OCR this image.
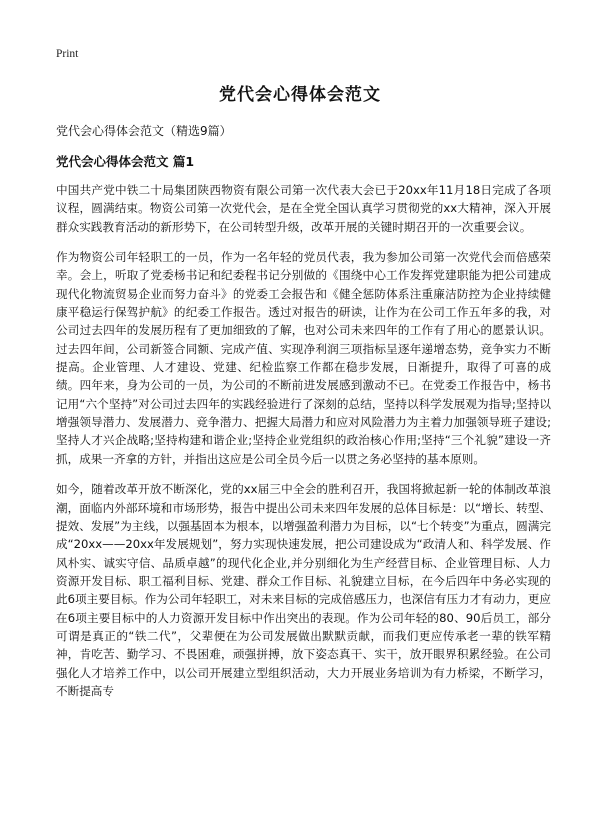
Print
党代会心得体会范文

党代会心得体会范文（精选9篇）

党代会心得体会范文 篇1

中国共产党中铁二十局集团陕西物资有限公司第一次代表大会已于20xx年11月18日完成了各项议程，圆满结束。物资公司第一次党代会，是在全党全国认真学习贯彻党的xx大精神，深入开展群众实践教育活动的新形势下，在公司转型升级，改革开展的关键时期召开的一次重要会议。

作为物资公司年轻职工的一员，作为一名年轻的党员代表，我为参加公司第一次党代会而倍感荣幸。会上，听取了党委杨书记和纪委程书记分别做的《围绕中心工作发挥党建职能为把公司建成现代化物流贸易企业而努力奋斗》的党委工会报告和《健全惩防体系注重廉洁防控为企业持续健康平稳运行保驾护航》的纪委工作报告。透过对报告的研读，让作为在公司工作五年多的我，对公司过去四年的发展历程有了更加细致的了解，也对公司未来四年的工作有了用心的愿景认识。过去四年间，公司新签合同额、完成产值、实现净利润三项指标呈逐年递增态势，竞争实力不断提高。企业管理、人才建设、党建、纪检监察工作都在稳步发展，日渐提升，取得了可喜的成绩。四年来，身为公司的一员，为公司的不断前进发展感到激动不已。在党委工作报告中，杨书记用“六个坚持”对公司过去四年的实践经验进行了深刻的总结，坚持以科学发展观为指导;坚持以增强领导潜力、发展潜力、竞争潜力、把握大局潜力和应对风险潜力为主着力加强领导班子建设;坚持人才兴企战略;坚持构建和谐企业;坚持企业党组织的政治核心作用;坚持“三个礼貌”建设一齐抓，成果一齐拿的方针，并指出这应是公司全员今后一以贯之务必坚持的基本原则。

如今，随着改革开放不断深化，党的xx届三中全会的胜利召开，我国将掀起新一轮的体制改革浪潮，面临内外部环境和市场形势，报告中提出公司未来四年发展的总体目标是：以“增长、转型、提效、发展”为主线，以强基固本为根本，以增强盈利潜力为目标，以“七个转变”为重点，圆满完成“20xx——20xx年发展规划”，努力实现快速发展，把公司建设成为“政清人和、科学发展、作风朴实、诚实守信、品质卓越”的现代化企业,并分别细化为生产经营目标、企业管理目标、人力资源开发目标、职工福利目标、党建、群众工作目标、礼貌建立目标，在今后四年中务必实现的此6项主要目标。作为公司年轻职工，对未来目标的完成倍感压力，也深信有压力才有动力，更应在6项主要目标中的人力资源开发目标中作出突出的表现。作为公司年轻的80、90后员工，部分可谓是真正的“铁二代”，父辈便在为公司发展做出默默贡献，而我们更应传承老一辈的铁军精神，肯吃苦、勤学习、不畏困难，顽强拼搏，放下姿态真干、实干，放开眼界积累经验。在公司强化人才培养工作中，以公司开展建立型组织活动，大力开展业务培训为有力桥梁，不断学习，不断提高专
